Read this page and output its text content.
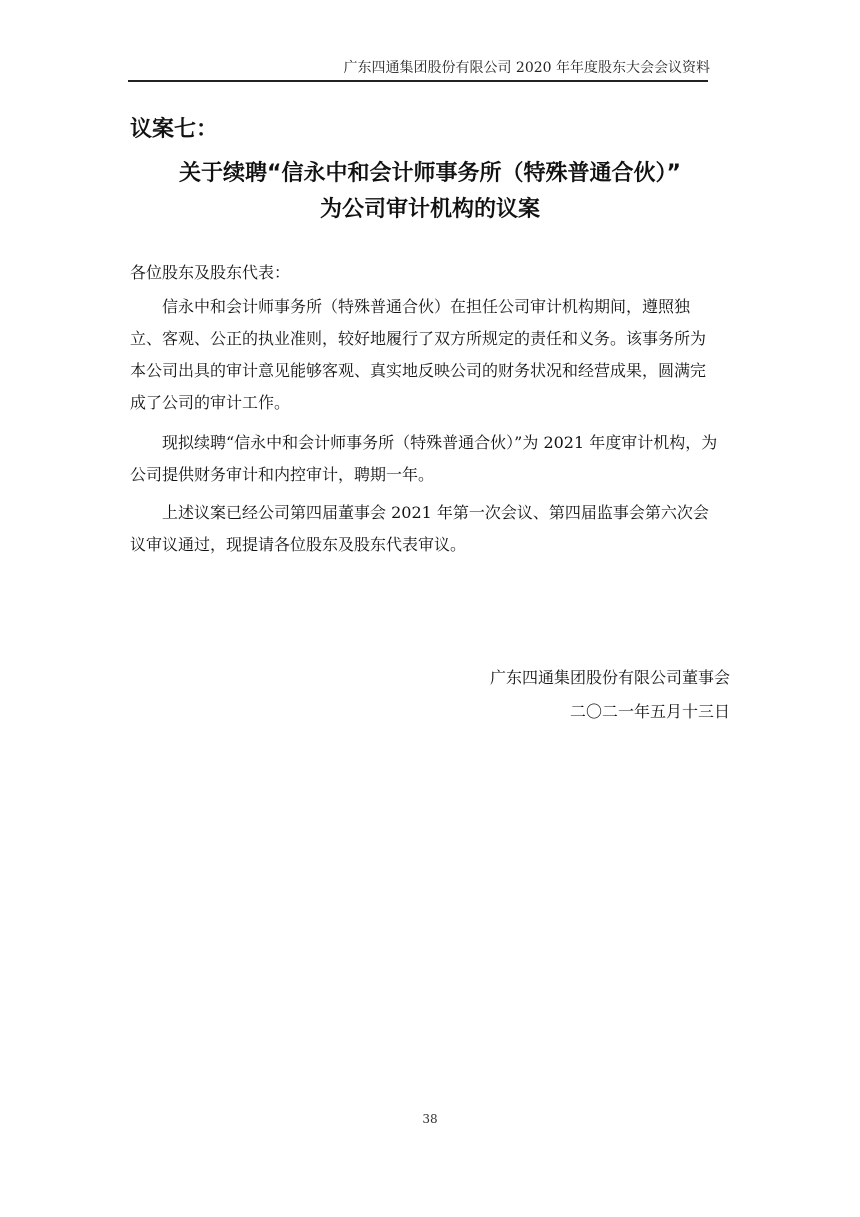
广东四通集团股份有限公司 2020 年年度股东大会会议资料
议案七：
关于续聘“信永中和会计师事务所（特殊普通合伙）”
为公司审计机构的议案
各位股东及股东代表：
信永中和会计师事务所（特殊普通合伙）在担任公司审计机构期间，遵照独立、客观、公正的执业准则，较好地履行了双方所规定的责任和义务。该事务所为本公司出具的审计意见能够客观、真实地反映公司的财务状况和经营成果，圆满完成了公司的审计工作。
现拟续聘“信永中和会计师事务所（特殊普通合伙）”为 2021 年度审计机构，为公司提供财务审计和内控审计，聘期一年。
上述议案已经公司第四届董事会 2021 年第一次会议、第四届监事会第六次会议审议通过，现提请各位股东及股东代表审议。
广东四通集团股份有限公司董事会
二〇二一年五月十三日
38
